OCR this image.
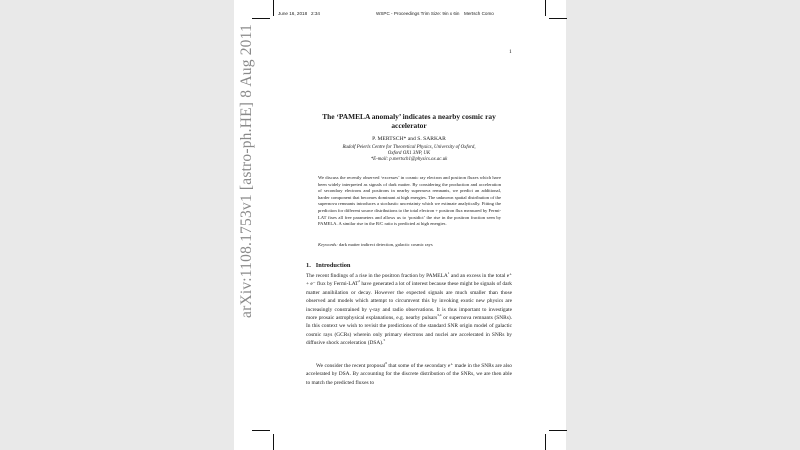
June 16, 2018 2:34	WSPC - Proceedings Trim Size: 9in x 6in Mertsch Como
1
arXiv:1108.1753v1 [astro-ph.HE] 8 Aug 2011	The ‘PAMELA anomaly’ indicates a nearby cosmic ray
accelerator
P. MERTSCH* and S. SARKAR
Rudolf Peierls Centre for Theoretical Physics, University of Oxford,
Oxford OX1 3NP, UK
*E-mail: p.mertsch1@physics.ox.ac.uk
We discuss the recently observed ‘excesses’ in cosmic ray electron and positron fluxes which have been widely interpreted as signals of dark matter. By considering the production and acceleration of secondary electrons and positrons in nearby supernova remnants, we predict an additional, harder component that becomes dominant at high energies. The unknown spatial distribution of the supernova remnants introduces a stochastic uncertainty which we estimate analytically. Fitting the prediction for different source distributions to the total electron + positron flux measured by Fermi-LAT fixes all free parameters and allows us to ‘postdict’ the rise in the positron fraction seen by PAMELA. A similar rise in the B/C ratio is predicted at high energies.
Keywords: dark matter indirect detection, galactic cosmic rays
1. Introduction
The recent findings of a rise in the positron fraction by PAMELA$^1$ and an excess in the total e⁺ + e⁻ flux by Fermi-LAT$^2$ have generated a lot of interest because these might be signals of dark matter annihilation or decay. However the expected signals are much smaller than those observed and models which attempt to circumvent this by invoking exotic new physics are increasingly constrained by γ-ray and radio observations. It is thus important to investigate more prosaic astrophysical explanations, e.g. nearby pulsars$^{3,4}$ or supernova remnants (SNRs). In this context we wish to revisit the predictions of the standard SNR origin model of galactic cosmic rays (GCRs) wherein only primary electrons and nuclei are accelerated in SNRs by diffusive shock acceleration (DSA).$^5$
We consider the recent proposal$^6$ that some of the secondary e⁺ made in the SNRs are also accelerated by DSA. By accounting for the discrete distribution of the SNRs, we are then able to match the predicted fluxes to
